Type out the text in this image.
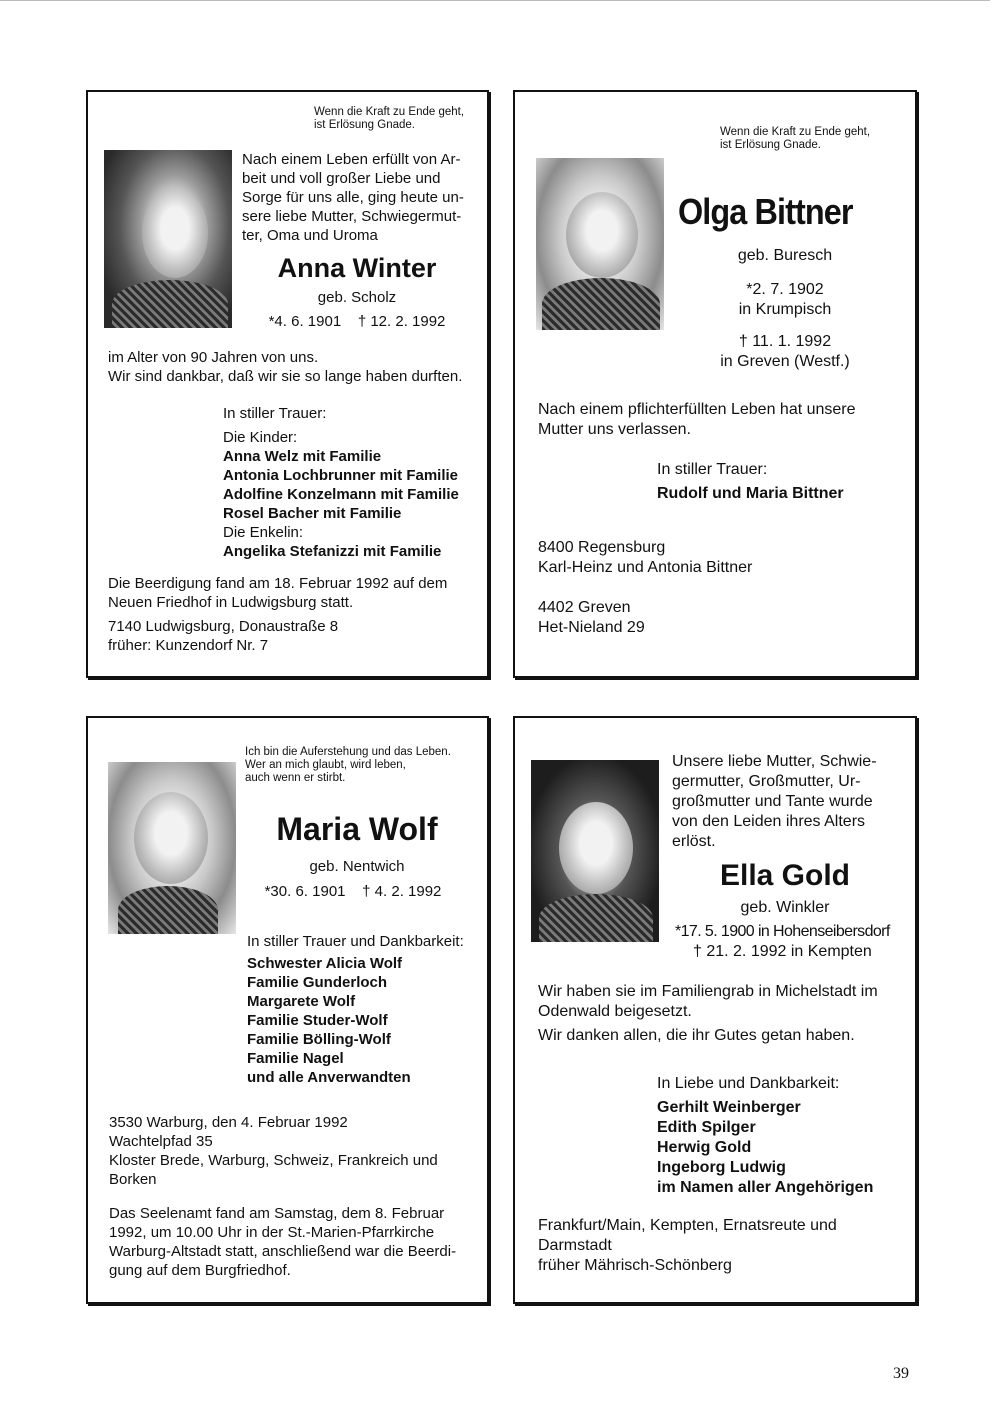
Wenn die Kraft zu Ende geht,
ist Erlösung Gnade.
Nach einem Leben erfüllt von Ar-
beit und voll großer Liebe und
Sorge für uns alle, ging heute un-
sere liebe Mutter, Schwiegermut-
ter, Oma und Uroma
Anna Winter
geb. Scholz
*4. 6. 1901    † 12. 2. 1992
im Alter von 90 Jahren von uns.
Wir sind dankbar, daß wir sie so lange haben durften.
In stiller Trauer:
Die Kinder:
Anna Welz mit Familie
Antonia Lochbrunner mit Familie
Adolfine Konzelmann mit Familie
Rosel Bacher mit Familie
Die Enkelin:
Angelika Stefanizzi mit Familie
Die Beerdigung fand am 18. Februar 1992 auf dem
Neuen Friedhof in Ludwigsburg statt.
7140 Ludwigsburg, Donaustraße 8
früher: Kunzendorf Nr. 7
Wenn die Kraft zu Ende geht,
ist Erlösung Gnade.
Olga Bittner
geb. Buresch
*2. 7. 1902
in Krumpisch
† 11. 1. 1992
in Greven (Westf.)
Nach einem pflichterfüllten Leben hat unsere
Mutter uns verlassen.
In stiller Trauer:
Rudolf und Maria Bittner
8400 Regensburg
Karl-Heinz und Antonia Bittner
4402 Greven
Het-Nieland 29
Ich bin die Auferstehung und das Leben.
Wer an mich glaubt, wird leben,
auch wenn er stirbt.
Maria Wolf
geb. Nentwich
*30. 6. 1901    † 4. 2. 1992
In stiller Trauer und Dankbarkeit:
Schwester Alicia Wolf
Familie Gunderloch
Margarete Wolf
Familie Studer-Wolf
Familie Bölling-Wolf
Familie Nagel
und alle Anverwandten
3530 Warburg, den 4. Februar 1992
Wachtelpfad 35
Kloster Brede, Warburg, Schweiz, Frankreich und
Borken
Das Seelenamt fand am Samstag, dem 8. Februar
1992, um 10.00 Uhr in der St.-Marien-Pfarrkirche
Warburg-Altstadt statt, anschließend war die Beerdi-
gung auf dem Burgfriedhof.
Unsere liebe Mutter, Schwie-
germutter, Großmutter, Ur-
großmutter und Tante wurde
von den Leiden ihres Alters
erlöst.
Ella Gold
geb. Winkler
*17. 5. 1900 in Hohenseibersdorf
† 21. 2. 1992 in Kempten
Wir haben sie im Familiengrab in Michelstadt im
Odenwald beigesetzt.
Wir danken allen, die ihr Gutes getan haben.
In Liebe und Dankbarkeit:
Gerhilt Weinberger
Edith Spilger
Herwig Gold
Ingeborg Ludwig
im Namen aller Angehörigen
Frankfurt/Main, Kempten, Ernatsreute und
Darmstadt
früher Mährisch-Schönberg
39
